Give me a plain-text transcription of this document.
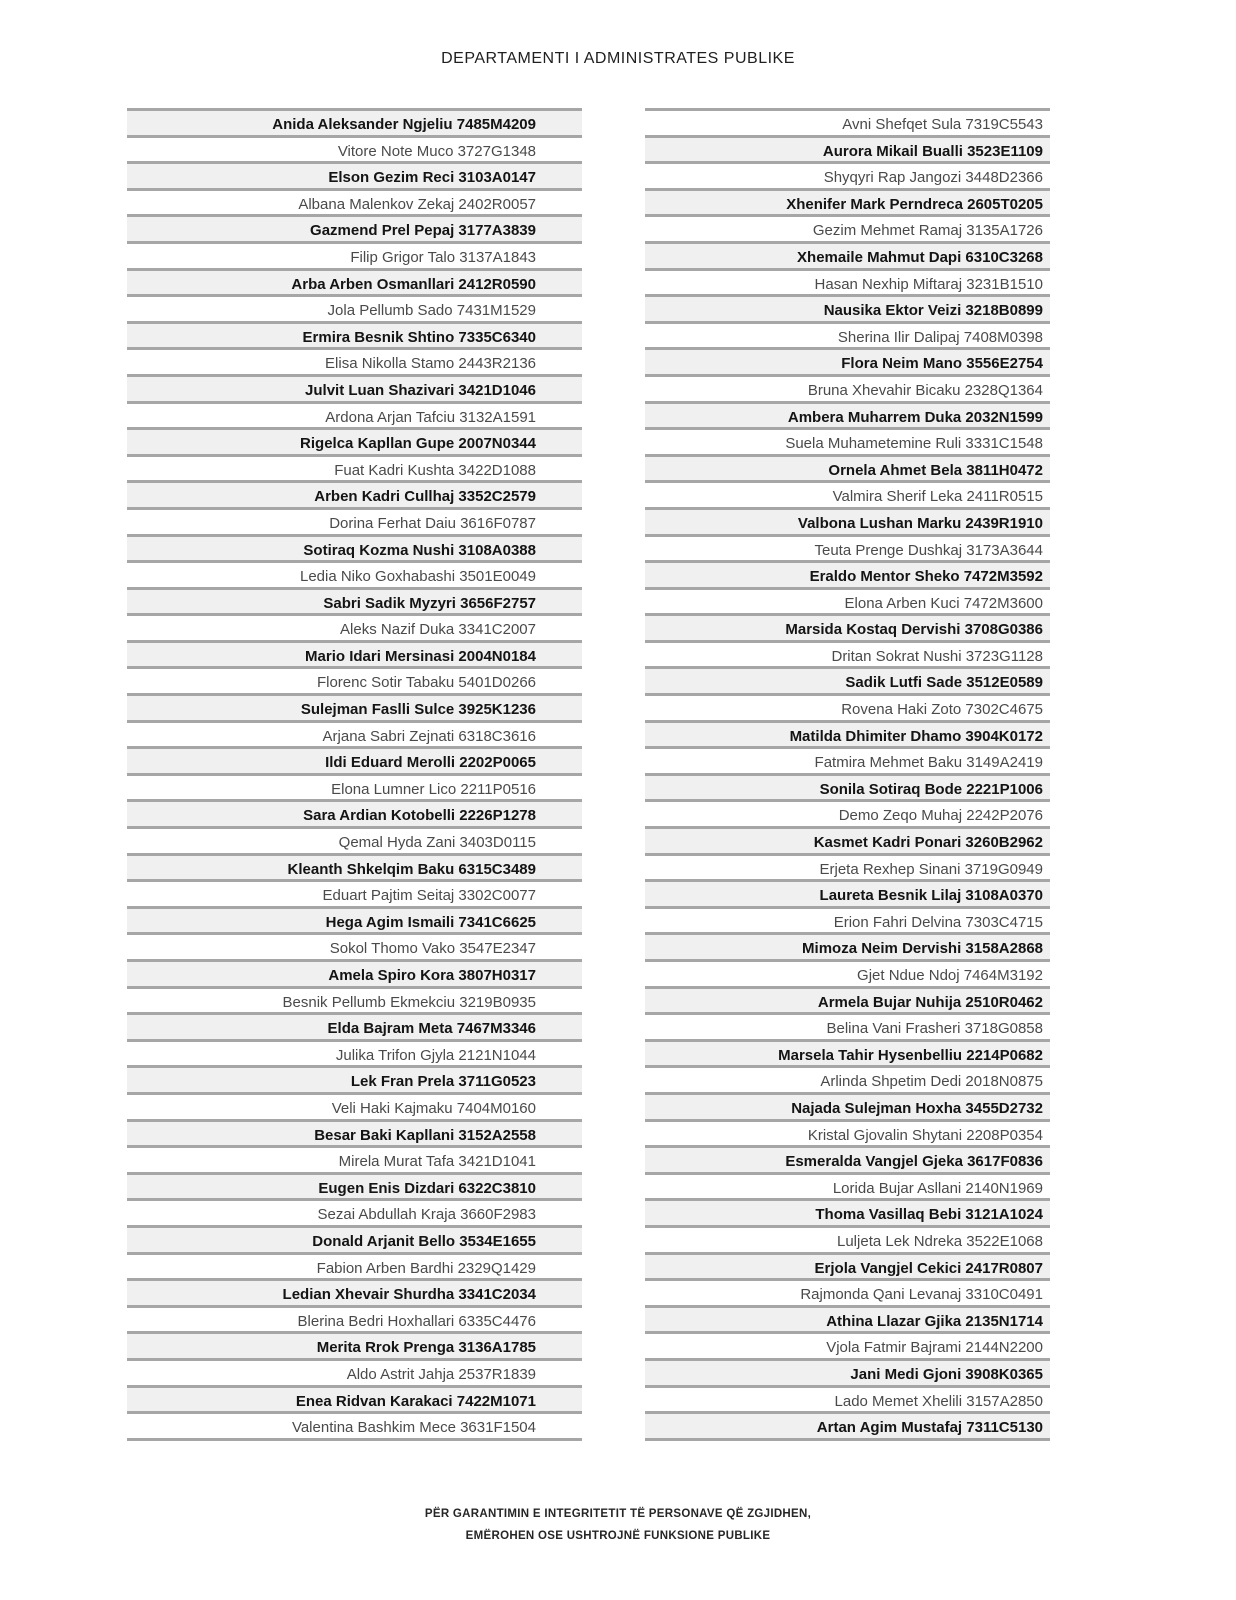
DEPARTAMENTI I ADMINISTRATES PUBLIKE
Anida Aleksander Ngjeliu 7485M4209
Vitore Note Muco 3727G1348
Elson Gezim Reci 3103A0147
Albana Malenkov Zekaj 2402R0057
Gazmend Prel Pepaj 3177A3839
Filip Grigor Talo 3137A1843
Arba Arben Osmanllari 2412R0590
Jola Pellumb Sado 7431M1529
Ermira Besnik Shtino 7335C6340
Elisa Nikolla Stamo 2443R2136
Julvit Luan Shazivari 3421D1046
Ardona Arjan Tafciu 3132A1591
Rigelca Kapllan Gupe 2007N0344
Fuat Kadri Kushta 3422D1088
Arben Kadri Cullhaj 3352C2579
Dorina Ferhat Daiu 3616F0787
Sotiraq Kozma Nushi 3108A0388
Ledia Niko Goxhabashi 3501E0049
Sabri Sadik Myzyri 3656F2757
Aleks Nazif Duka 3341C2007
Mario Idari Mersinasi 2004N0184
Florenc Sotir Tabaku 5401D0266
Sulejman Faslli Sulce 3925K1236
Arjana Sabri Zejnati 6318C3616
Ildi Eduard Merolli 2202P0065
Elona Lumner Lico 2211P0516
Sara Ardian Kotobelli 2226P1278
Qemal Hyda Zani 3403D0115
Kleanth Shkelqim Baku 6315C3489
Eduart Pajtim Seitaj 3302C0077
Hega Agim Ismaili 7341C6625
Sokol Thomo Vako 3547E2347
Amela Spiro Kora 3807H0317
Besnik Pellumb Ekmekciu 3219B0935
Elda Bajram Meta 7467M3346
Julika Trifon Gjyla 2121N1044
Lek Fran Prela 3711G0523
Veli Haki Kajmaku 7404M0160
Besar Baki Kapllani 3152A2558
Mirela Murat Tafa 3421D1041
Eugen Enis Dizdari 6322C3810
Sezai Abdullah Kraja 3660F2983
Donald Arjanit Bello 3534E1655
Fabion Arben Bardhi 2329Q1429
Ledian Xhevair Shurdha 3341C2034
Blerina Bedri Hoxhallari 6335C4476
Merita Rrok Prenga 3136A1785
Aldo Astrit Jahja 2537R1839
Enea Ridvan Karakaci 7422M1071
Valentina Bashkim Mece 3631F1504
Avni Shefqet Sula 7319C5543
Aurora Mikail Bualli 3523E1109
Shyqyri Rap Jangozi 3448D2366
Xhenifer Mark Perndreca 2605T0205
Gezim Mehmet Ramaj 3135A1726
Xhemaile Mahmut Dapi 6310C3268
Hasan Nexhip Miftaraj 3231B1510
Nausika Ektor Veizi 3218B0899
Sherina Ilir Dalipaj 7408M0398
Flora Neim Mano 3556E2754
Bruna Xhevahir Bicaku 2328Q1364
Ambera Muharrem Duka 2032N1599
Suela Muhametemine Ruli 3331C1548
Ornela Ahmet Bela 3811H0472
Valmira Sherif Leka 2411R0515
Valbona Lushan Marku 2439R1910
Teuta Prenge Dushkaj 3173A3644
Eraldo Mentor Sheko 7472M3592
Elona Arben Kuci 7472M3600
Marsida Kostaq Dervishi 3708G0386
Dritan Sokrat Nushi 3723G1128
Sadik Lutfi Sade 3512E0589
Rovena Haki Zoto 7302C4675
Matilda Dhimiter Dhamo 3904K0172
Fatmira Mehmet Baku 3149A2419
Sonila Sotiraq Bode 2221P1006
Demo Zeqo Muhaj 2242P2076
Kasmet Kadri Ponari 3260B2962
Erjeta Rexhep Sinani 3719G0949
Laureta Besnik Lilaj 3108A0370
Erion Fahri Delvina 7303C4715
Mimoza Neim Dervishi 3158A2868
Gjet Ndue Ndoj 7464M3192
Armela Bujar Nuhija 2510R0462
Belina Vani Frasheri 3718G0858
Marsela Tahir Hysenbelliu 2214P0682
Arlinda Shpetim Dedi 2018N0875
Najada Sulejman Hoxha 3455D2732
Kristal Gjovalin Shytani 2208P0354
Esmeralda Vangjel Gjeka 3617F0836
Lorida Bujar Asllani 2140N1969
Thoma Vasillaq Bebi 3121A1024
Luljeta Lek Ndreka 3522E1068
Erjola Vangjel Cekici 2417R0807
Rajmonda Qani Levanaj 3310C0491
Athina Llazar Gjika 2135N1714
Vjola Fatmir Bajrami 2144N2200
Jani Medi Gjoni 3908K0365
Lado Memet Xhelili 3157A2850
Artan Agim Mustafaj 7311C5130
PËR GARANTIMIN E INTEGRITETIT TË PERSONAVE QË ZGJIDHEN,
EMËROHEN OSE USHTROJNË FUNKSIONE PUBLIKE
